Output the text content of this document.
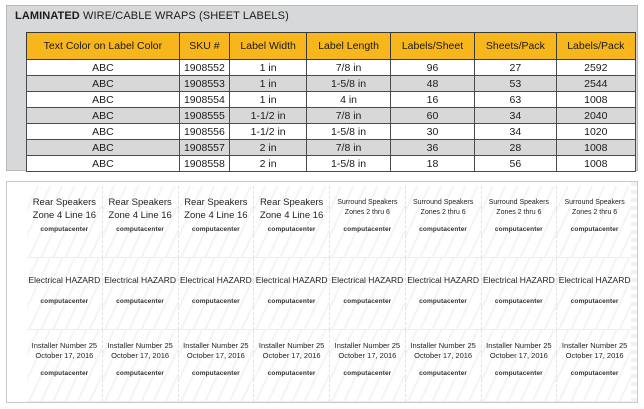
LAMINATED WIRE/CABLE WRAPS (SHEET LABELS)
Text Color on Label Color	SKU #	Label Width	Label Length	Labels/Sheet	Sheets/Pack	Labels/Pack
ABC	1908552	1 in	7/8 in	96	27	2592
ABC	1908553	1 in	1-5/8 in	48	53	2544
ABC	1908554	1 in	4 in	16	63	1008
ABC	1908555	1-1/2 in	7/8 in	60	34	2040
ABC	1908556	1-1/2 in	1-5/8 in	30	34	1020
ABC	1908557	2 in	7/8 in	36	28	1008
ABC	1908558	2 in	1-5/8 in	18	56	1008
Rear Speakers
Zone 4 Line 16
computacenter
Rear Speakers
Zone 4 Line 16
computacenter
Rear Speakers
Zone 4 Line 16
computacenter
Rear Speakers
Zone 4 Line 16
computacenter
Surround Speakers
Zones 2 thru 6
computacenter
Surround Speakers
Zones 2 thru 6
computacenter
Surround Speakers
Zones 2 thru 6
computacenter
Surround Speakers
Zones 2 thru 6
computacenter
Electrical HAZARD
computacenter
Electrical HAZARD
computacenter
Electrical HAZARD
computacenter
Electrical HAZARD
computacenter
Electrical HAZARD
computacenter
Electrical HAZARD
computacenter
Electrical HAZARD
computacenter
Electrical HAZARD
computacenter
Installer Number 25
October 17, 2016
computacenter
Installer Number 25
October 17, 2016
computacenter
Installer Number 25
October 17, 2016
computacenter
Installer Number 25
October 17, 2016
computacenter
Installer Number 25
October 17, 2016
computacenter
Installer Number 25
October 17, 2016
computacenter
Installer Number 25
October 17, 2016
computacenter
Installer Number 25
October 17, 2016
computacenter
